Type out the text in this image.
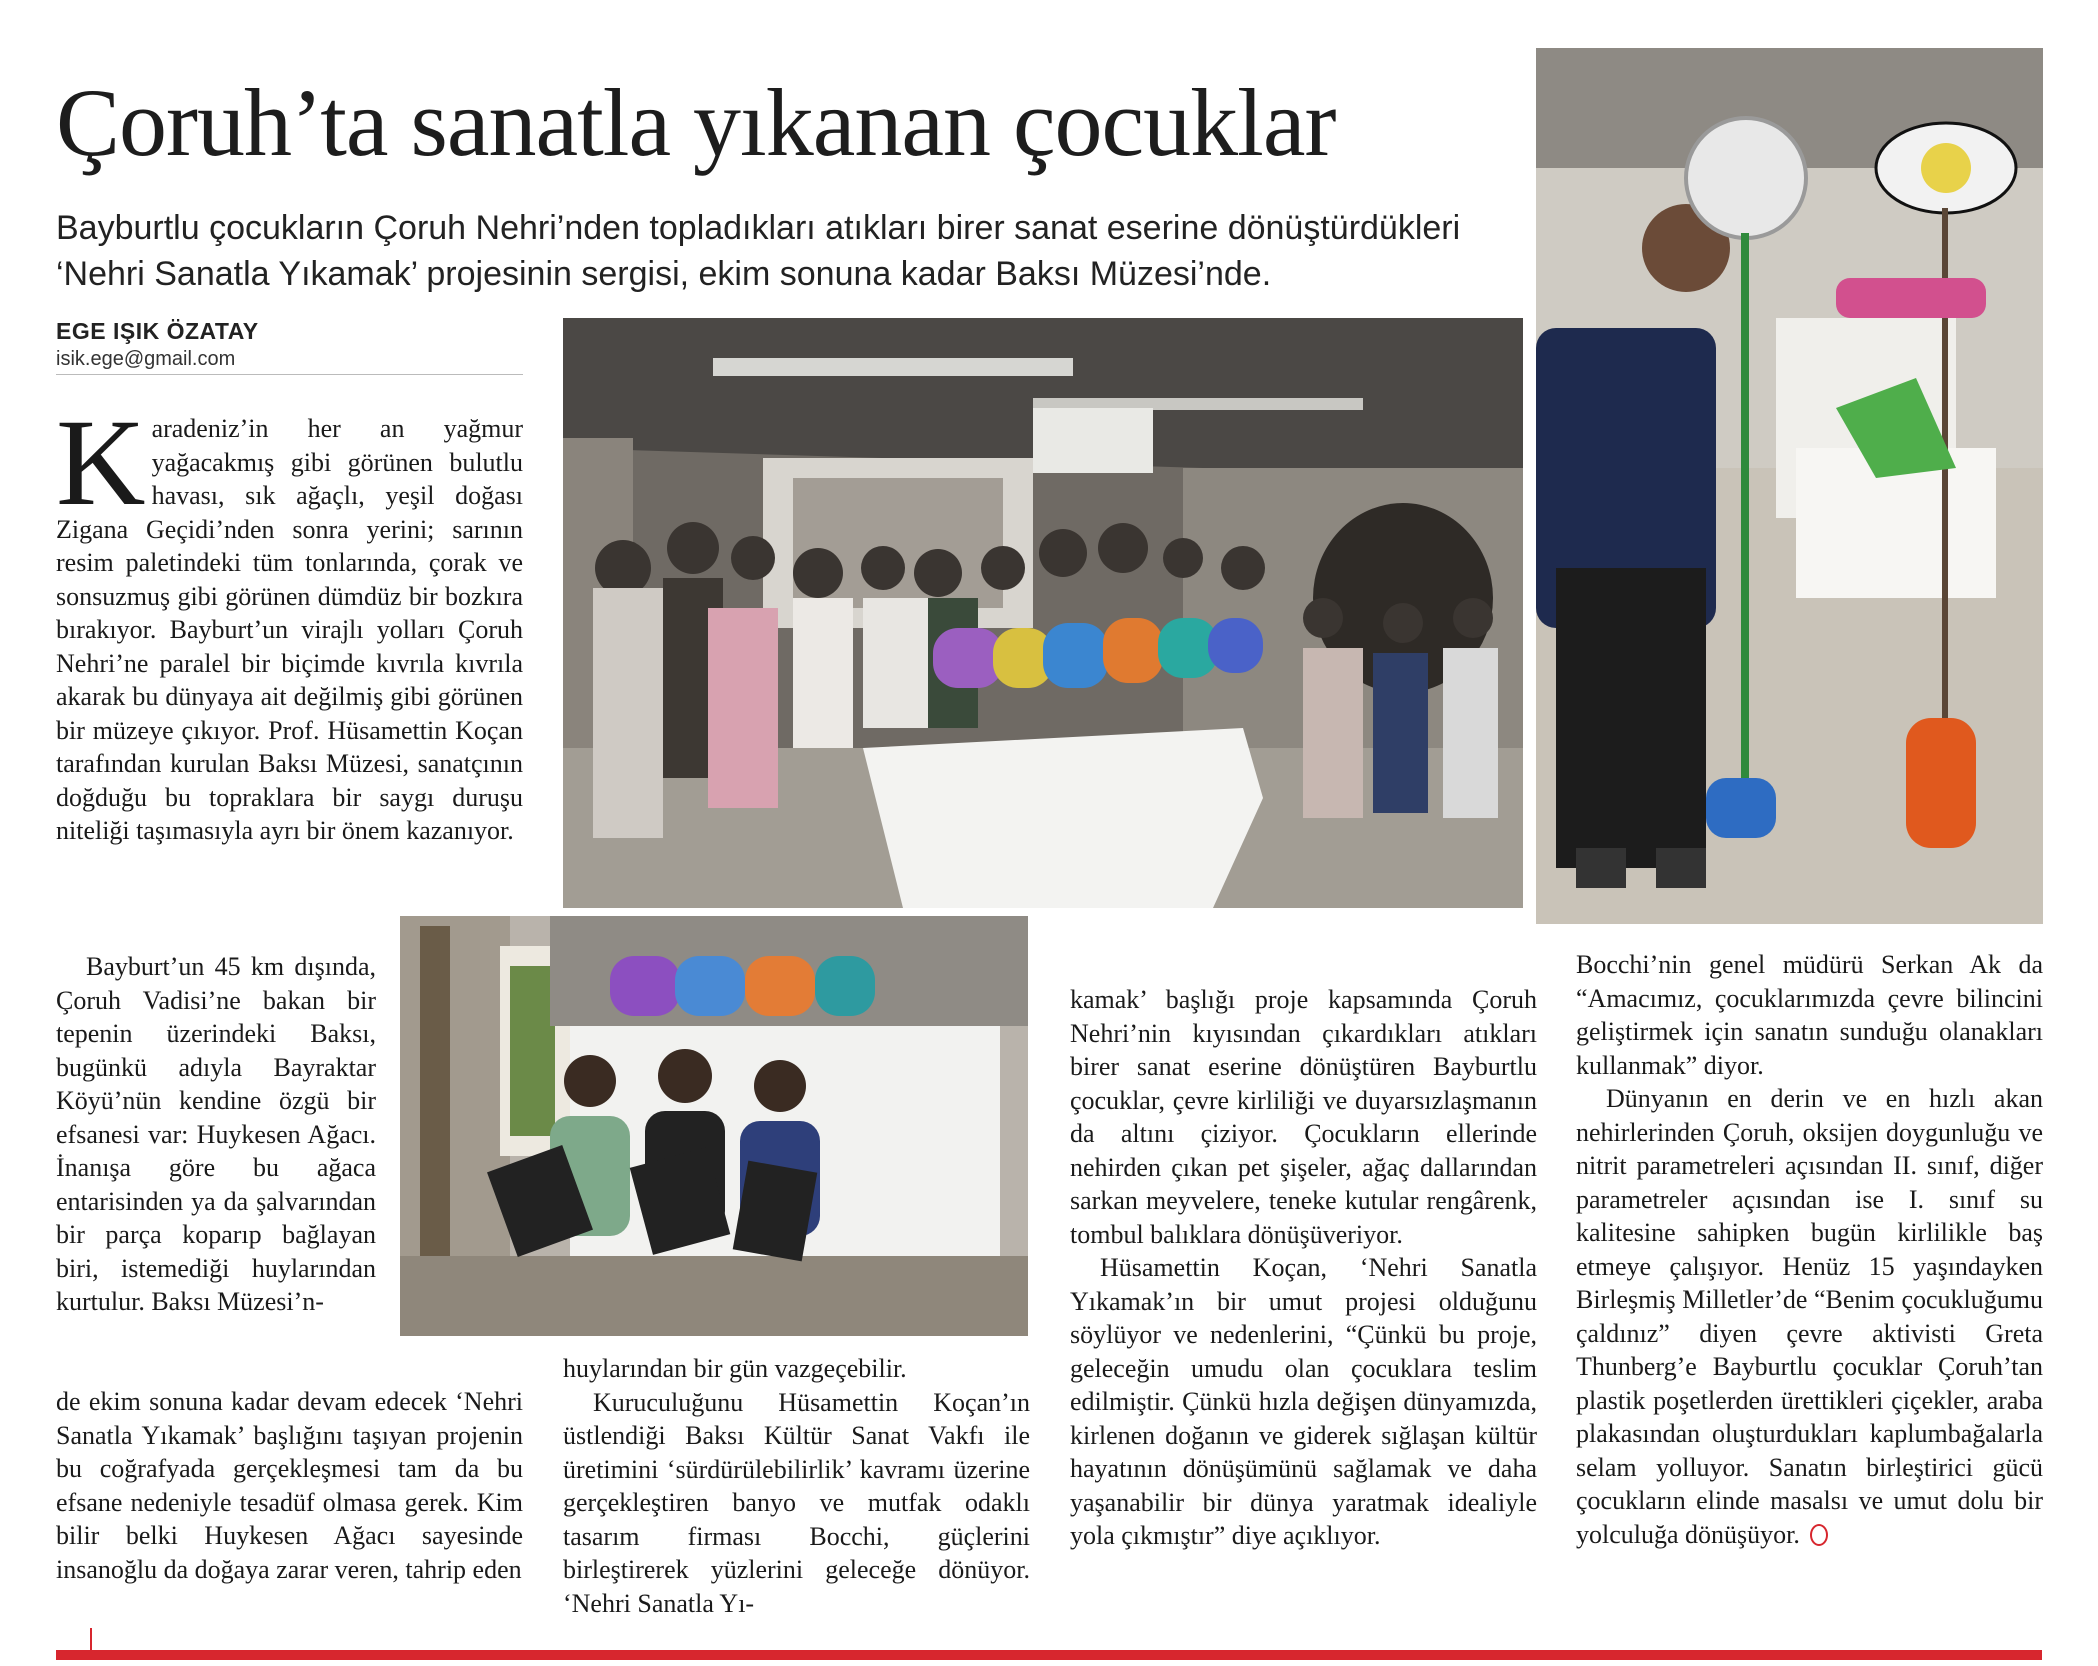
Çoruh’ta sanatla yıkanan çocuklar
Bayburtlu çocukların Çoruh Nehri’nden topladıkları atıkları birer sanat eserine dönüştürdükleri ‘Nehri Sanatla Yıkamak’ projesinin sergisi, ekim sonuna kadar Baksı Müzesi’nde.
EGE IŞIK ÖZATAY
isik.ege@gmail.com

Karadeniz’in her an yağmur yağacakmış gibi görünen bulutlu havası, sık ağaçlı, yeşil doğası Zigana Geçidi’nden sonra yerini; sarının resim paletindeki tüm tonlarında, çorak ve sonsuzmuş gibi görünen dümdüz bir bozkıra bırakıyor. Bayburt’un virajlı yolları Çoruh Nehri’ne paralel bir biçimde kıvrıla kıvrıla akarak bu dünyaya ait değilmiş gibi görünen bir müzeye çıkıyor. Prof. Hüsamettin Koçan tarafından kurulan Baksı Müzesi, sanatçının doğduğu bu topraklara bir saygı duruşu niteliği taşımasıyla ayrı bir önem kazanıyor.

Bayburt’un 45 km dışında, Çoruh Vadisi’ne bakan bir tepenin üzerindeki Baksı, bugünkü adıyla Bayraktar Köyü’nün kendine özgü bir efsanesi var: Huykesen Ağacı. İnanışa göre bu ağaca entarisinden ya da şalvarından bir parça koparıp bağlayan biri, istemediği huylarından kurtulur. Baksı Müzesi’n-

de ekim sonuna kadar devam edecek ‘Nehri Sanatla Yıkamak’ başlığını taşıyan projenin bu coğrafyada gerçekleşmesi tam da bu efsane nedeniyle tesadüf olmasa gerek. Kim bilir belki Huykesen Ağacı sayesinde insanoğlu da doğaya zarar veren, tahrip eden

huylarından bir gün vazgeçebilir.

Kuruculuğunu Hüsamettin Koçan’ın üstlendiği Baksı Kültür Sanat Vakfı ile üretimini ‘sürdürülebilirlik’ kavramı üzerine gerçekleştiren banyo ve mutfak odaklı tasarım firması Bocchi, güçlerini birleştirerek yüzlerini geleceğe dönüyor. ‘Nehri Sanatla Yı-

kamak’ başlığı proje kapsamında Çoruh Nehri’nin kıyısından çıkardıkları atıkları birer sanat eserine dönüştüren Bayburtlu çocuklar, çevre kirliliği ve duyarsızlaşmanın da altını çiziyor. Çocukların ellerinde nehirden çıkan pet şişeler, ağaç dallarından sarkan meyvelere, teneke kutular rengârenk, tombul balıklara dönüşüveriyor.

Hüsamettin Koçan, ‘Nehri Sanatla Yıkamak’ın bir umut projesi olduğunu söylüyor ve nedenlerini, “Çünkü bu proje, geleceğin umudu olan çocuklara teslim edilmiştir. Çünkü hızla değişen dünyamızda, kirlenen doğanın ve giderek sığlaşan kültür hayatının dönüşümünü sağlamak ve daha yaşanabilir bir dünya yaratmak idealiyle yola çıkmıştır” diye açıklıyor.

Bocchi’nin genel müdürü Serkan Ak da “Amacımız, çocuklarımızda çevre bilincini geliştirmek için sanatın sunduğu olanakları kullanmak” diyor.

Dünyanın en derin ve en hızlı akan nehirlerinden Çoruh, oksijen doygunluğu ve nitrit parametreleri açısından II. sınıf, diğer parametreler açısından ise I. sınıf su kalitesine sahipken bugün kirlilikle baş etmeye çalışıyor. Henüz 15 yaşındayken Birleşmiş Milletler’de “Benim çocukluğumu çaldınız” diyen çevre aktivisti Greta Thunberg’e Bayburtlu çocuklar Çoruh’tan plastik poşetlerden ürettikleri çiçekler, araba plakasından oluşturdukları kaplumbağalarla selam yolluyor. Sanatın birleştirici gücü çocukların elinde masalsı ve umut dolu bir yolculuğa dönüşüyor.
